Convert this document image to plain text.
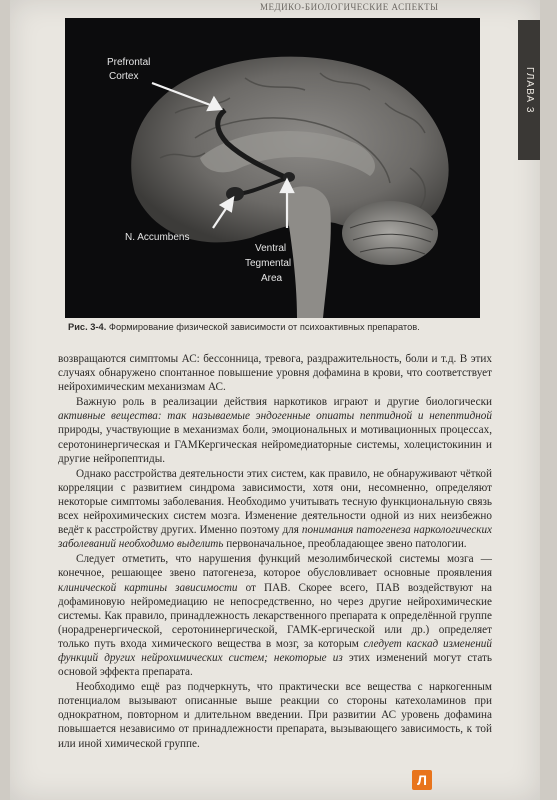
МЕДИКО-БИОЛОГИЧЕСКИЕ АСПЕКТЫ
ГЛАВА 3
Prefrontal
Cortex
N. Accumbens
Ventral
Tegmental
Area
Рис. 3-4. Формирование физической зависимости от психоактивных препаратов.

возвращаются симптомы АС: бессонница, тревога, раздражительность, боли и т.д. В этих случаях обнаружено спонтанное повышение уровня дофамина в крови, что соответствует нейрохимическим механизмам АС.

Важную роль в реализации действия наркотиков играют и другие биологически активные вещества: так называемые эндогенные опиаты пептидной и непептидной природы, участвующие в механизмах боли, эмоциональных и мотивационных процессах, серотонинергическая и ГАМКергическая нейромедиаторные системы, холецистокинин и другие нейропептиды.

Однако расстройства деятельности этих систем, как правило, не обнаруживают чёткой корреляции с развитием синдрома зависимости, хотя они, несомненно, определяют некоторые симптомы заболевания. Необходимо учитывать тесную функциональную связь всех нейрохимических систем мозга. Изменение деятельности одной из них неизбежно ведёт к расстройству других. Именно поэтому для понимания патогенеза наркологических заболеваний необходимо выделить первоначальное, преобладающее звено патологии.

Следует отметить, что нарушения функций мезолимбической системы мозга — конечное, решающее звено патогенеза, которое обусловливает основные проявления клинической картины зависимости от ПАВ. Скорее всего, ПАВ воздействуют на дофаминовую нейромедиацию не непосредственно, но через другие нейрохимические системы. Как правило, принадлежность лекарственного препарата к определённой группе (норадренергической, серотонинергической, ГАМК-ергической или др.) определяет только путь входа химического вещества в мозг, за которым следует каскад изменений функций других нейрохимических систем; некоторые из этих изменений могут стать основой эффекта препарата.

Необходимо ещё раз подчеркнуть, что практически все вещества с наркогенным потенциалом вызывают описанные выше реакции со стороны катехоламинов при однократном, повторном и длительном введении. При развитии АС уровень дофамина повышается независимо от принадлежности препарата, вызывающего зависимость, к той или иной химической группе.

Л
